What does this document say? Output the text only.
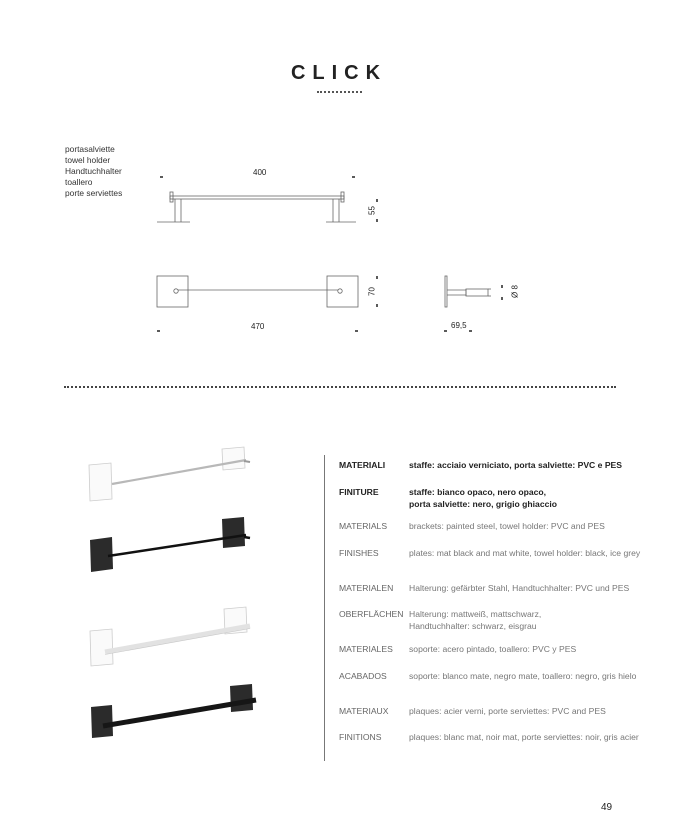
CLICK
portasalviette
towel holder
Handtuchhalter
toallero
porte serviettes
400
55
470
70
69,5
Ø 8
MATERIALI	staffe: acciaio verniciato, porta salviette: PVC e PES
FINITURE	staffe: bianco opaco, nero opaco,
porta salviette: nero, grigio ghiaccio
MATERIALS	brackets: painted steel, towel holder: PVC and PES
FINISHES	plates: mat black and mat white, towel holder: black, ice grey
MATERIALEN	Halterung: gefärbter Stahl, Handtuchhalter: PVC und PES
OBERFLÄCHEN Halterung: mattweiß, mattschwarz,
Handtuchhalter: schwarz, eisgrau
MATERIALES	soporte: acero pintado, toallero: PVC y PES
ACABADOS	soporte: blanco mate, negro mate, toallero: negro, gris hielo
MATERIAUX	plaques: acier verni, porte serviettes: PVC and PES
FINITIONS	plaques: blanc mat, noir mat, porte serviettes: noir, gris acier
49
